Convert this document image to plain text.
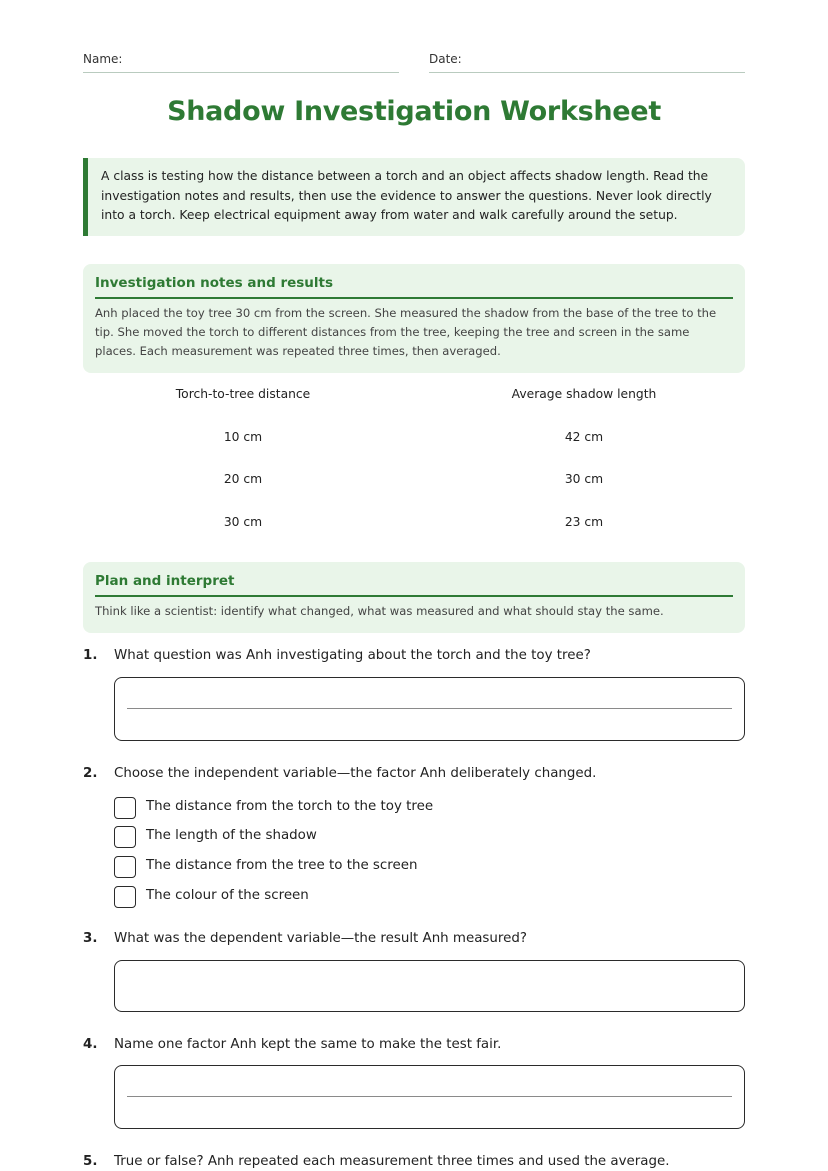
Name:	Date:
Shadow Investigation Worksheet
A class is testing how the distance between a torch and an object affects shadow length. Read the investigation notes and results, then use the evidence to answer the questions. Never look directly into a torch. Keep electrical equipment away from water and walk carefully around the setup.
Investigation notes and results
Anh placed the toy tree 30 cm from the screen. She measured the shadow from the base of the tree to the tip. She moved the torch to different distances from the tree, keeping the tree and screen in the same places. Each measurement was repeated three times, then averaged.
Torch-to-tree distance	Average shadow length
10 cm	42 cm
20 cm	30 cm
30 cm	23 cm
Plan and interpret
Think like a scientist: identify what changed, what was measured and what should stay the same.
1. What question was Anh investigating about the torch and the toy tree?
2. Choose the independent variable—the factor Anh deliberately changed.
The distance from the torch to the toy tree
The length of the shadow
The distance from the tree to the screen
The colour of the screen
3. What was the dependent variable—the result Anh measured?
4. Name one factor Anh kept the same to make the test fair.
5. True or false? Anh repeated each measurement three times and used the average.
